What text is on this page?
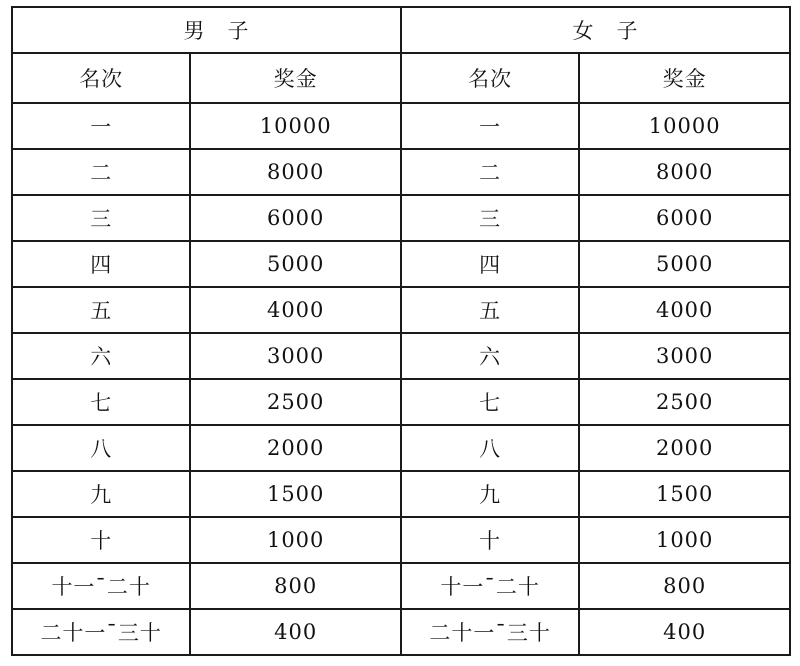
男　子		女　子	
名次	奖金	名次	奖金
一	10000	一	10000
二	8000	二	8000
三	6000	三	6000
四	5000	四	5000
五	4000	五	4000
六	3000	六	3000
七	2500	七	2500
八	2000	八	2000
九	1500	九	1500
十	1000	十	1000
十一¯二十	800	十一¯二十	800
二十一¯三十	400	二十一¯三十	400
